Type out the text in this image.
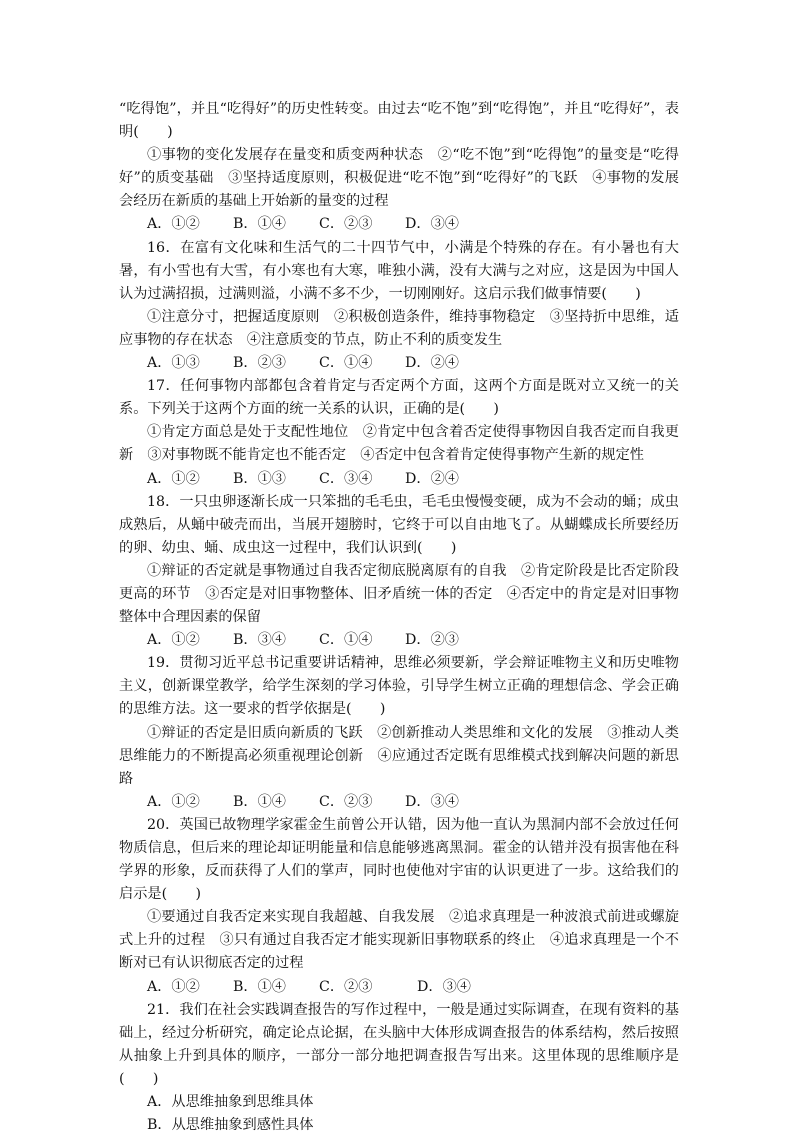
“吃得饱”，并且“吃得好”的历史性转变。由过去“吃不饱”到“吃得饱”，并且“吃得好”，表明(　　)

①事物的变化发展存在量变和质变两种状态　②“吃不饱”到“吃得饱”的量变是“吃得好”的质变基础　③坚持适度原则，积极促进“吃不饱”到“吃得好”的飞跃　④事物的发展会经历在新质的基础上开始新的量变的过程

A．①② B．①④ C．②③ D．③④

16．在富有文化味和生活气的二十四节气中，小满是个特殊的存在。有小暑也有大暑，有小雪也有大雪，有小寒也有大寒，唯独小满，没有大满与之对应，这是因为中国人认为过满招损，过满则溢，小满不多不少，一切刚刚好。这启示我们做事情要(　　)

①注意分寸，把握适度原则　②积极创造条件，维持事物稳定　③坚持折中思维，适应事物的存在状态　④注意质变的节点，防止不利的质变发生

A．①③ B．②③ C．①④ D．②④

17．任何事物内部都包含着肯定与否定两个方面，这两个方面是既对立又统一的关系。下列关于这两个方面的统一关系的认识，正确的是(　　)

①肯定方面总是处于支配性地位　②肯定中包含着否定使得事物因自我否定而自我更新　③对事物既不能肯定也不能否定　④否定中包含着肯定使得事物产生新的规定性

A．①② B．①③ C．③④ D．②④

18．一只虫卵逐渐长成一只笨拙的毛毛虫，毛毛虫慢慢变硬，成为不会动的蛹；成虫成熟后，从蛹中破壳而出，当展开翅膀时，它终于可以自由地飞了。从蝴蝶成长所要经历的卵、幼虫、蛹、成虫这一过程中，我们认识到(　　)

①辩证的否定就是事物通过自我否定彻底脱离原有的自我　②肯定阶段是比否定阶段更高的环节　③否定是对旧事物整体、旧矛盾统一体的否定　④否定中的肯定是对旧事物整体中合理因素的保留

A．①② B．③④ C．①④ D．②③

19．贯彻习近平总书记重要讲话精神，思维必须要新，学会辩证唯物主义和历史唯物主义，创新课堂教学，给学生深刻的学习体验，引导学生树立正确的理想信念、学会正确的思维方法。这一要求的哲学依据是(　　)

①辩证的否定是旧质向新质的飞跃　②创新推动人类思维和文化的发展　③推动人类思维能力的不断提高必须重视理论创新　④应通过否定既有思维模式找到解决问题的新思路

A．①② B．①④ C．②③ D．③④

20．英国已故物理学家霍金生前曾公开认错，因为他一直认为黑洞内部不会放过任何物质信息，但后来的理论却证明能量和信息能够逃离黑洞。霍金的认错并没有损害他在科学界的形象，反而获得了人们的掌声，同时也使他对宇宙的认识更进了一步。这给我们的启示是(　　)

①要通过自我否定来实现自我超越、自我发展　②追求真理是一种波浪式前进或螺旋式上升的过程　③只有通过自我否定才能实现新旧事物联系的终止　④追求真理是一个不断对已有认识彻底否定的过程

A．①② B．①④ C．②③	D．③④

21．我们在社会实践调查报告的写作过程中，一般是通过实际调查，在现有资料的基础上，经过分析研究，确定论点论据，在头脑中大体形成调查报告的体系结构，然后按照从抽象上升到具体的顺序，一部分一部分地把调查报告写出来。这里体现的思维顺序是(　　)

A．从思维抽象到思维具体
B．从思维抽象到感性具体
